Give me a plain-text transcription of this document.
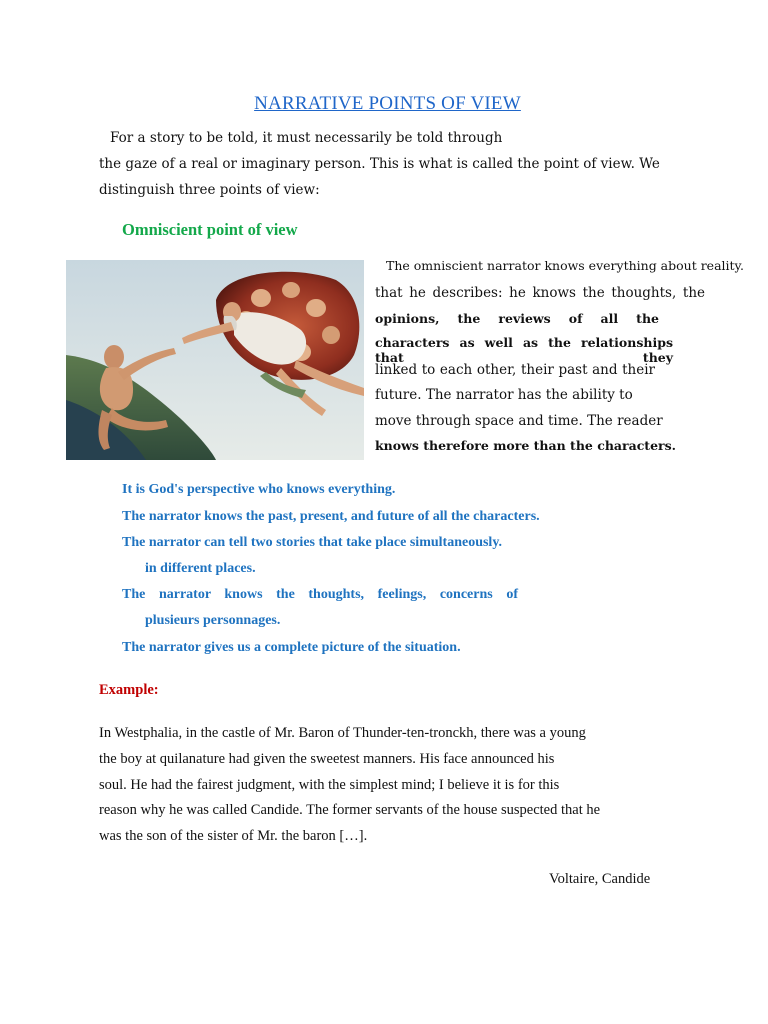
NARRATIVE POINTS OF VIEW
For a story to be told, it must necessarily be told through
the gaze of a real or imaginary person. This is what is called the point of view. We
distinguish three points of view:
Omniscient point of view
The omniscient narrator knows everything about reality.
that he describes: he knows the thoughts, the
opinions, the reviews of all the
characters as well as the relationships that they
linked to each other, their past and their
future. The narrator has the ability to
move through space and time. The reader
knows therefore more than the characters.
It is God's perspective who knows everything.
The narrator knows the past, present, and future of all the characters.
The narrator can tell two stories that take place simultaneously.
in different places.
The narrator knows the thoughts, feelings, concerns of
plusieurs personnages.
The narrator gives us a complete picture of the situation.
Example:
In Westphalia, in the castle of Mr. Baron of Thunder-ten-tronckh, there was a young
the boy at quilanature had given the sweetest manners. His face announced his
soul. He had the fairest judgment, with the simplest mind; I believe it is for this
reason why he was called Candide. The former servants of the house suspected that he
was the son of the sister of Mr. the baron […].
Voltaire, Candide
